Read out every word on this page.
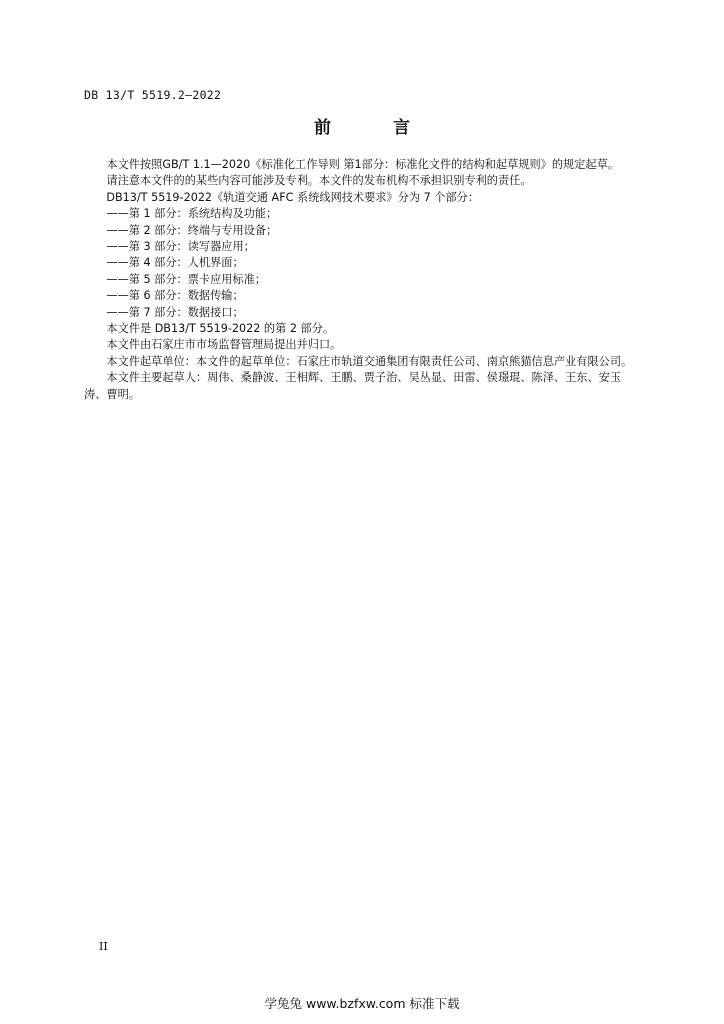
DB 13/T 5519.2—2022
前 言

本文件按照GB/T 1.1—2020《标准化工作导则 第1部分：标准化文件的结构和起草规则》的规定起草。

请注意本文件的的某些内容可能涉及专利。本文件的发布机构不承担识别专利的责任。

DB13/T 5519-2022《轨道交通 AFC 系统线网技术要求》分为 7 个部分：

——第 1 部分：系统结构及功能；

——第 2 部分：终端与专用设备；

——第 3 部分：读写器应用；

——第 4 部分：人机界面；

——第 5 部分：票卡应用标准；

——第 6 部分：数据传输；

——第 7 部分：数据接口；

本文件是 DB13/T 5519-2022 的第 2 部分。

本文件由石家庄市市场监督管理局提出并归口。

本文件起草单位：本文件的起草单位：石家庄市轨道交通集团有限责任公司、南京熊猫信息产业有限公司。

本文件主要起草人：周伟、桑静波、王相辉、王鹏、贾子治、吴丛显、田雷、侯璟琨、陈泽、王东、安玉涛、曹明。

II
学兔兔 www.bzfxw.com 标准下载
